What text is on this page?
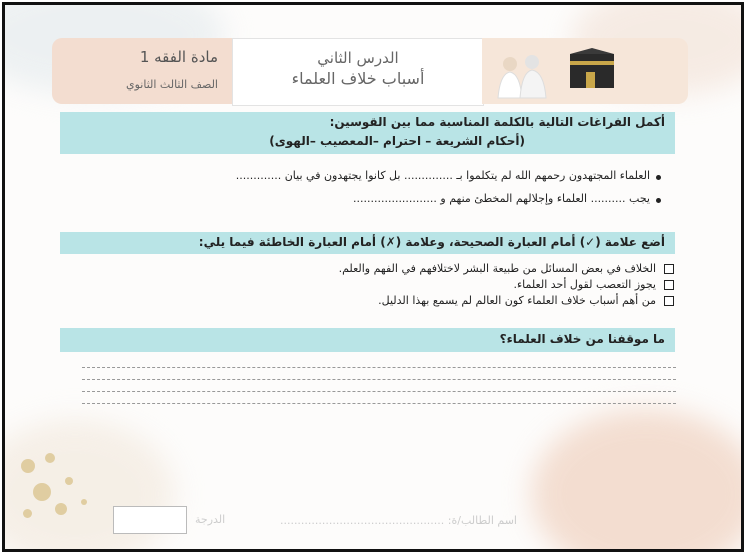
مادة الفقه 1
الصف الثالث الثانوي
الدرس الثاني
أسباب خلاف العلماء
أكمل الفراغات التالية بالكلمة المناسبة مما بين القوسين:
(أحكام الشريعة – احترام –المعصيب –الهوى)
العلماء المجتهدون رحمهم الله لم يتكلموا بـ .............. بل كانوا يجتهدون في بيان .............
يجب .......... العلماء وإجلالهم المخطئ منهم و ........................
أضع علامة (✓) أمام العبارة الصحيحة، وعلامة (✗) أمام العبارة الخاطئة فيما يلي:
الخلاف في بعض المسائل من طبيعة البشر لاختلافهم في الفهم والعلم.
يجوز التعصب لقول أحد العلماء.
من أهم أسباب خلاف العلماء كون العالم لم يسمع بهذا الدليل.
ما موقفنا من خلاف العلماء؟
الدرجة	اسم الطالب/ة: ...............................................
